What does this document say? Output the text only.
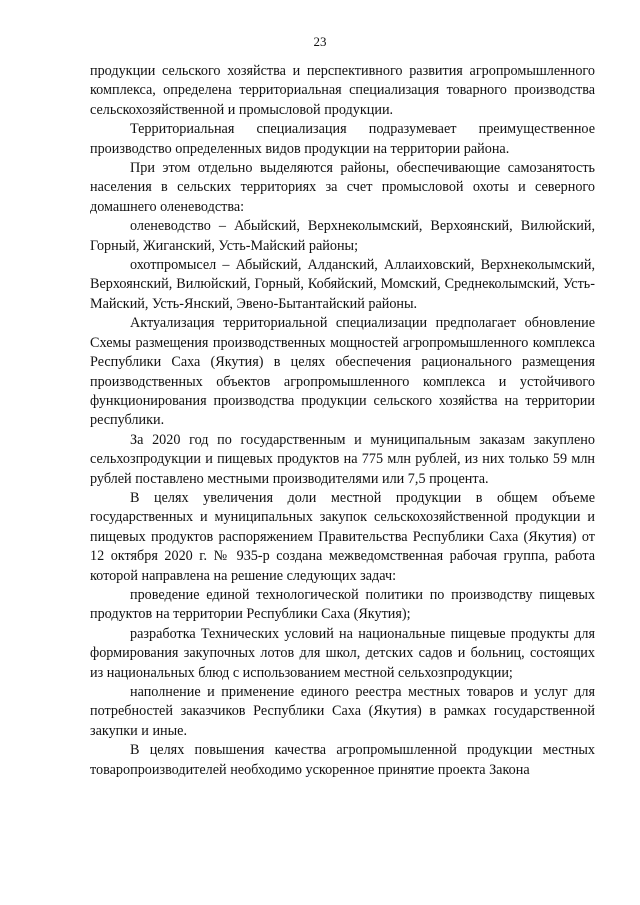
23

продукции сельского хозяйства и перспективного развития агропромышленного комплекса, определена территориальная специализация товарного производства сельскохозяйственной и промысловой продукции.

Территориальная специализация подразумевает преимущественное производство определенных видов продукции на территории района.

При этом отдельно выделяются районы, обеспечивающие самозанятость населения в сельских территориях за счет промысловой охоты и северного домашнего оленеводства:

оленеводство – Абыйский, Верхнеколымский, Верхоянский, Вилюйский, Горный, Жиганский, Усть-Майский районы;

охотпромысел – Абыйский, Алданский, Аллаиховский, Верхнеколымский, Верхоянский, Вилюйский, Горный, Кобяйский, Момский, Среднеколымский, Усть-Майский, Усть-Янский, Эвено-Бытантайский районы.

Актуализация территориальной специализации предполагает обновление Схемы размещения производственных мощностей агропромышленного комплекса Республики Саха (Якутия) в целях обеспечения рационального размещения производственных объектов агропромышленного комплекса и устойчивого функционирования производства продукции сельского хозяйства на территории республики.

За 2020 год по государственным и муниципальным заказам закуплено сельхозпродукции и пищевых продуктов на 775 млн рублей, из них только 59 млн рублей поставлено местными производителями или 7,5 процента.

В целях увеличения доли местной продукции в общем объеме государственных и муниципальных закупок сельскохозяйственной продукции и пищевых продуктов распоряжением Правительства Республики Саха (Якутия) от 12 октября 2020 г. № 935-р создана межведомственная рабочая группа, работа которой направлена на решение следующих задач:

проведение единой технологической политики по производству пищевых продуктов на территории Республики Саха (Якутия);

разработка Технических условий на национальные пищевые продукты для формирования закупочных лотов для школ, детских садов и больниц, состоящих из национальных блюд с использованием местной сельхозпродукции;

наполнение и применение единого реестра местных товаров и услуг для потребностей заказчиков Республики Саха (Якутия) в рамках государственной закупки и иные.

В целях повышения качества агропромышленной продукции местных товаропроизводителей необходимо ускоренное принятие проекта Закона
